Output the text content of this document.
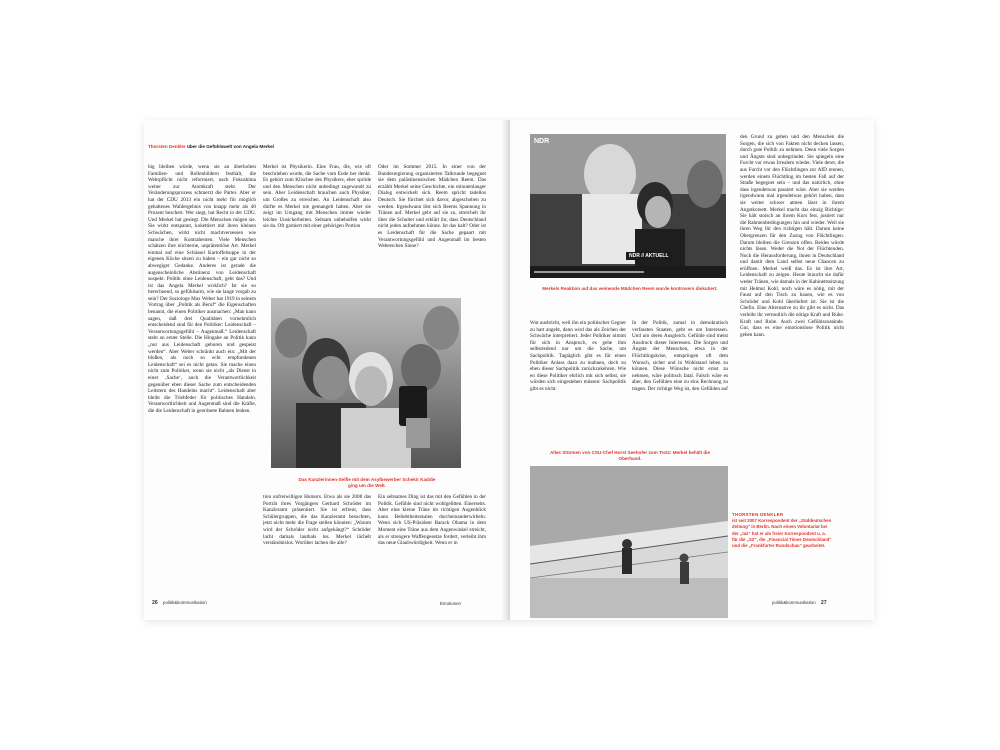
Thorsten Denkler über die Gefühlswelt von Angela Merkel

hig bleiben würde, wenn sie an überholten Familien- und Rollenbildern festhält, die Wehrpflicht nicht reformiert, nach Fukushima weiter zur Atomkraft steht. Der Veränderungsprozess schmerzt die Partei. Aber er hat der CDU 2013 ein nicht mehr für möglich gehaltenes Wahlergebnis von knapp mehr als 40 Prozent beschert. Wer siegt, hat Recht in der CDU. Und Merkel hat gesiegt. Die Menschen mögen sie. Sie wirkt entspannt, kokettiert mit ihren kleinen Schwächen, wirkt nicht machtversessen wie manche ihrer Kontrahenten. Viele Menschen schätzen ihre nüchterne, unprätentiöse Art. Merkel einmal auf eine Schüssel Kartoffelsuppe in der eigenen Küche sitzen zu haben – ein gar nicht so abwegiger Gedanke. Anderes ist gerade die augenscheinliche Abstinenz von Leidenschaft suspekt. Politik ohne Leidenschaft, geht das? Und ist das Angela Merkel wirklich? Ist sie so berechnend, so gefühlsarm, wie sie lange vorgab zu sein? Der Soziologe Max Weber hat 1919 in seinem Vortrag über „Politik als Beruf“ die Eigenschaften benannt, die einen Politiker ausmachen: „Man kann sagen, daß drei Qualitäten vornehmlich entscheidend sind für den Politiker: Leidenschaft – Verantwortungsgefühl – Augenmaß.“ Leidenschaft steht an erster Stelle. Die Hingabe an Politik kann „nur aus Leidenschaft geboren und gespeist werden“. Aber Weber schränkt auch ein: „Mit der bloßen, als noch so echt empfundenen Leidenschaft“ sei es nicht getan. Sie mache einen nicht zum Politiker, wenn sie nicht „als Dienst in einer ‚Sache‘, auch die Verantwortlichkeit gegenüber eben dieser Sache zum entscheidenden Leitstern des Handelns macht“. Leidenschaft aber bleibt die Triebfeder für politisches Handeln. Verantwortlichkeit und Augenmaß sind die Kräfte, die die Leidenschaft in geordnete Bahnen lenken.

Merkel ist Physikerin. Eine Frau, die, wie oft beschrieben wurde, die Sache vom Ende her denkt. Es gehört zum Klischee des Physikers, eher spröde und den Menschen nicht unbedingt zugewandt zu sein. Aber Leidenschaft brauchen auch Physiker, um Großes zu erreichen. An Leidenschaft also dürfte es Merkel nie gemangelt haben. Aber sie zeigt im Umgang mit Menschen immer wieder leichte Unsicherheiten. Seltsam unbeholfen wirkt sie da. Oft garniert mit einer gehörigen Portion

Oder im Sommer 2015. In einer von der Bundesregierung organisierten Talkrunde begegnet sie dem palästinensischen Mädchen Reem. Das erzählt Merkel seine Geschichte, ein minutenlanger Dialog entwickelt sich. Reem spricht tadellos Deutsch. Sie fürchtet sich davor, abgeschoben zu werden. Irgendwann löst sich Reems Spannung in Tränen auf. Merkel geht auf sie zu, streichelt ihr über die Schulter und erklärt ihr, dass Deutschland nicht jeden aufnehmen könne. Ist das kalt? Oder ist es Leidenschaft für die Sache gepaart mit Verantwortungsgefühl und Augenmaß im besten Weberschen Sinne?

Das Kanzlerinnen-Selfie mit dem Asylbewerber Schekir Kaddie ging um die Welt.

tion unfreiwilligen Humors. Etwa als sie 2008 das Porträt ihres Vorgängers Gerhard Schröder im Kanzleramt präsentiert. Sie ist erfreut, dass Schülergruppen, die das Kanzleramt besuchten, jetzt nicht mehr die Frage stellen könnten: „Warum wird der Schröder nicht aufgehängt?“ Schröder lacht damals lauthals los. Merkel lächelt verständnislos. Worüber lachen die alle?

Ein seltsames Ding ist das mit den Gefühlen in der Politik. Gefühle sind nicht wohlgelitten. Einerseits. Aber eine kleine Träne im richtigen Augenblick kann Beliebtheitsskalen durcheinanderwirbeln. Wenn sich US-Präsident Barack Obama in dem Moment eine Träne aus dem Augenwinkel streicht, als er strengere Waffengesetze fordert, verleiht ihm das neue Glaubwürdigkeit. Wenn er in

26 politik&kommunikation	Emotionen
NDR
NDR // AKTUELL
Merkels Reaktion auf das weinende Mädchen Reem wurde kontrovers diskutiert.

Wut ausbricht, weil ihn ein politischer Gegner zu hart angeht, dann wird das als Zeichen der Schwäche interpretiert. Jeder Politiker nimmt für sich in Anspruch, es gehe ihm selbstredend nur um die Sache, um Sachpolitik. Tagtäglich gibt es für einen Politiker Anlass dazu zu mahnen, doch zu eben dieser Sachpolitik zurückzukehren. Wie en diese Politiker ehrlich mit sich selbst, sie würden sich eingestehen müssen: Sachpolitik gibt es nicht.

In der Politik, zumal in demokratisch verfassten Staaten, geht es um Interessen. Und um deren Ausgleich. Gefühle sind meist Ausdruck dieser Interessen. Die Sorgen und Ängste der Menschen, etwa in der Flüchtlingskrise, entspringen oft dem Wunsch, sicher und in Wohlstand leben zu können. Diese Wünsche nicht ernst zu nehmen, wäre politisch fatal. Falsch wäre es aber, den Gefühlen eine zu eins Rechnung zu tragen. Der richtige Weg ist, den Gefühlen auf

Alles Stürmen von CSU-Chef Horst Seehofer zum Trotz: Merkel behält die Oberhand.

den Grund zu gehen und den Menschen die Sorgen, die sich von Fakten nicht decken lassen, durch gute Politik zu nehmen. Denn viele Sorgen und Ängste sind unbegründet. Sie spiegeln eine Furcht vor etwas Irrealem wieder. Viele derer, die aus Furcht vor den Flüchtlingen zur AfD rennen, werden einem Flüchtling im besten Fall auf der Straße begegnet sein – und das natürlich, ohne dass irgendetwas passiert wäre. Aber sie werden irgendwann mal irgendetwas gehört haben, dass sie weiter schwer atmen lässt in ihrem Angstkorsett. Merkel macht das einzig Richtige: Sie hält stoisch an ihrem Kurs fest, justiert nur die Rahmenbedingungen hin und wieder. Weil sie ihren Weg für den richtigen hält. Darum keine Obergrenzen für den Zuzug von Flüchtlingen. Darum bleiben die Grenzen offen. Beides würde nichts lösen. Weder die Not der Flüchtenden. Noch die Herausforderung, ihnen in Deutschland und damit dem Land selbst neue Chancen zu eröffnen. Merkel weiß das. Es ist ihre Art, Leidenschaft zu zeigen. Heute braucht sie dafür weder Tränen, wie damals in der Kabinettssitzung mit Helmut Kohl, noch wäre es nötig, mit der Faust auf den Tisch zu hauen, wie es von Schröder und Kohl überliefert ist. Sie ist die Chefin. Eine Alternative zu ihr gibt es nicht. Das verleiht ihr vermutlich die nötige Kraft und Ruhe. Kraft und Ruhe. Auch zwei Gefühlszustände. Gut, dass es eine emotionslose Politik nicht geben kann.

THORSTEN DENKLER
ist seit 2007 Korrespondent der „Süddeutschen Zeitung“ in Berlin. Nach einem Volontariat bei der „taz“ hat er als freier Korrespondent u. a. für die „SZ“, die „Financial Times Deutschland“ und die „Frankfurter Rundschau“ gearbeitet.
politik&kommunikation 27
